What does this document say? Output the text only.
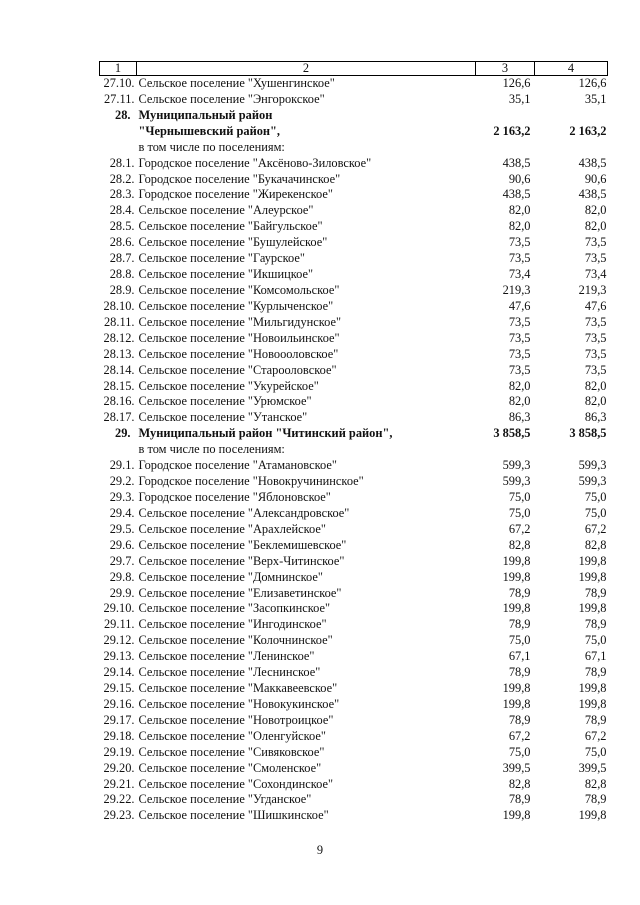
1	2	3	4
27.10.	Сельское поселение "Хушенгинское"	126,6	126,6
27.11.	Сельское поселение "Энгорокское"	35,1	35,1
28.	Муниципальный район		
	"Чернышевский район",	2 163,2	2 163,2
	в том числе по поселениям:		
28.1.	Городское поселение "Аксёново-Зиловское"	438,5	438,5
28.2.	Городское поселение "Букачачинское"	90,6	90,6
28.3.	Городское поселение "Жирекенское"	438,5	438,5
28.4.	Сельское поселение "Алеурское"	82,0	82,0
28.5.	Сельское поселение "Байгульское"	82,0	82,0
28.6.	Сельское поселение "Бушулейское"	73,5	73,5
28.7.	Сельское поселение "Гаурское"	73,5	73,5
28.8.	Сельское поселение "Икшицкое"	73,4	73,4
28.9.	Сельское поселение "Комсомольское"	219,3	219,3
28.10.	Сельское поселение "Курлыченское"	47,6	47,6
28.11.	Сельское поселение "Мильгидунское"	73,5	73,5
28.12.	Сельское поселение "Новоильинское"	73,5	73,5
28.13.	Сельское поселение "Новоооловское"	73,5	73,5
28.14.	Сельское поселение "Старооловское"	73,5	73,5
28.15.	Сельское поселение "Укурейское"	82,0	82,0
28.16.	Сельское поселение "Урюмское"	82,0	82,0
28.17.	Сельское поселение "Утанское"	86,3	86,3
29.	Муниципальный район "Читинский район",	3 858,5	3 858,5
	в том числе по поселениям:		
29.1.	Городское поселение "Атамановское"	599,3	599,3
29.2.	Городское поселение "Новокручининское"	599,3	599,3
29.3.	Городское поселение "Яблоновское"	75,0	75,0
29.4.	Сельское поселение "Александровское"	75,0	75,0
29.5.	Сельское поселение "Арахлейское"	67,2	67,2
29.6.	Сельское поселение "Беклемишевское"	82,8	82,8
29.7.	Сельское поселение "Верх-Читинское"	199,8	199,8
29.8.	Сельское поселение "Домнинское"	199,8	199,8
29.9.	Сельское поселение "Елизаветинское"	78,9	78,9
29.10.	Сельское поселение "Засопкинское"	199,8	199,8
29.11.	Сельское поселение "Ингодинское"	78,9	78,9
29.12.	Сельское поселение "Колочнинское"	75,0	75,0
29.13.	Сельское поселение "Ленинское"	67,1	67,1
29.14.	Сельское поселение "Леснинское"	78,9	78,9
29.15.	Сельское поселение "Маккавеевское"	199,8	199,8
29.16.	Сельское поселение "Новокукинское"	199,8	199,8
29.17.	Сельское поселение "Новотроицкое"	78,9	78,9
29.18.	Сельское поселение "Оленгуйское"	67,2	67,2
29.19.	Сельское поселение "Сивяковское"	75,0	75,0
29.20.	Сельское поселение "Смоленское"	399,5	399,5
29.21.	Сельское поселение "Сохондинское"	82,8	82,8
29.22.	Сельское поселение "Угданское"	78,9	78,9
29.23.	Сельское поселение "Шишкинское"	199,8	199,8
9
